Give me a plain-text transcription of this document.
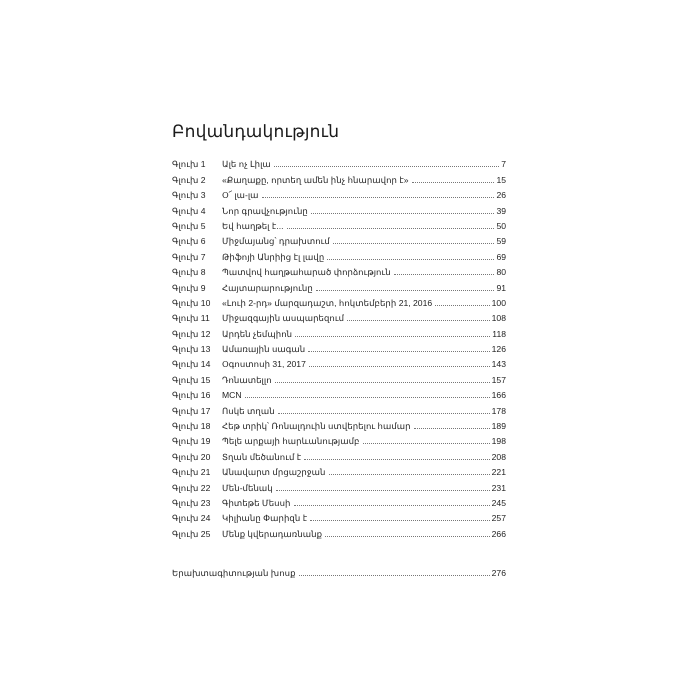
Բովանդակություն
Գլուխ 1	Ալե ոչ Լիլա	7
Գլուխ 2	«Քաղաքը, որտեղ ամեն ինչ հնարավոր է»	15
Գլուխ 3	Օ՜ լա-լա	26
Գլուխ 4	Նոր գրավչությունը	39
Գլուխ 5	Եվ հաղթել է...	50
Գլուխ 6	Միջմայանց՝ դրախտում	59
Գլուխ 7	Թիֆոյի Անրիից էլ լավը	69
Գլուխ 8	Պատվով հաղթահարած փորձություն	80
Գլուխ 9	Հայտարարությունը	91
Գլուխ 10	«Լուի 2-րդ» մարզադաշտ, հոկտեմբերի 21, 2016	100
Գլուխ 11	Միջազգային ասպարեզում	108
Գլուխ 12	Արդեն չեմպիոն	118
Գլուխ 13	Ամառային սագան	126
Գլուխ 14	Օգոստոսի 31, 2017	143
Գլուխ 15	Դոնատելլո	157
Գլուխ 16	MCN	166
Գլուխ 17	Ոսկե տղան	178
Գլուխ 18	Հեթ տրիկ՝ Ռոնալդուին ստվերելու համար	189
Գլուխ 19	Պելե արքայի հարևանությամբ	198
Գլուխ 20	Տղան մեծանում է	208
Գլուխ 21	Անավարտ մրցաշրջան	221
Գլուխ 22	Մեն-մենակ	231
Գլուխ 23	Գիտեթե Մեսսի	245
Գլուխ 24	Կիլիանը Փարիզն է	257
Գլուխ 25	Մենք կվերադառնանք	266
Երախտագիտության խոսք	276
